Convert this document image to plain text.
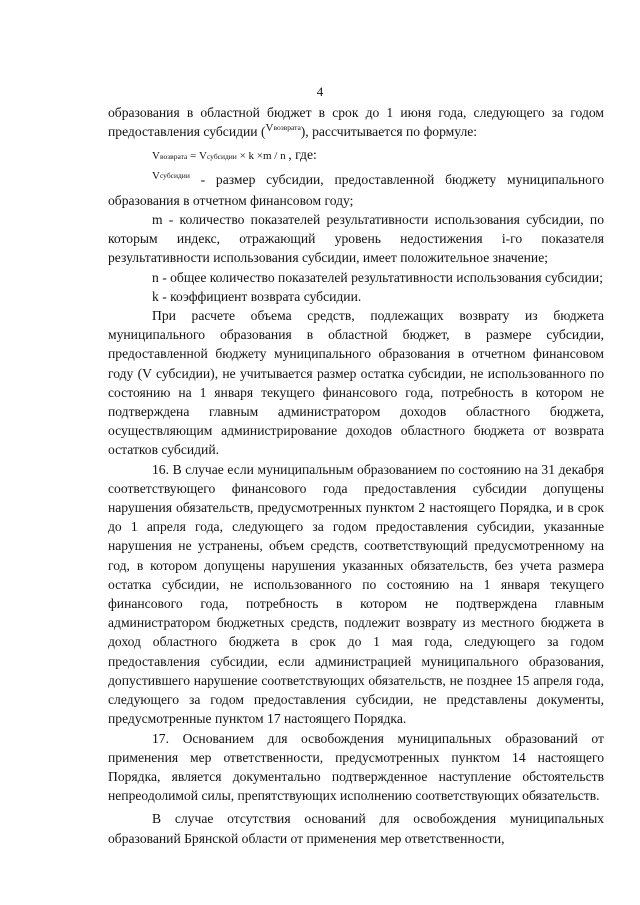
4

образования в областной бюджет в срок до 1 июня года, следующего за годом предоставления субсидии ($^{Vвозврата}$), рассчитывается по формуле:

Vвозврата = Vсубсидии × k ×m / n , где:

$^{Vсубсидии}$ - размер субсидии, предоставленной бюджету муниципального образования в отчетном финансовом году;

m - количество показателей результативности использования субсидии, по которым индекс, отражающий уровень недостижения i-го показателя результативности использования субсидии, имеет положительное значение;

n - общее количество показателей результативности использования субсидии;

k - коэффициент возврата субсидии.

При расчете объема средств, подлежащих возврату из бюджета муниципального образования в областной бюджет, в размере субсидии, предоставленной бюджету муниципального образования в отчетном финансовом году (V субсидии), не учитывается размер остатка субсидии, не использованного по состоянию на 1 января текущего финансового года, потребность в котором не подтверждена главным администратором доходов областного бюджета, осуществляющим администрирование доходов областного бюджета от возврата остатков субсидий.

16. В случае если муниципальным образованием по состоянию на 31 декабря соответствующего финансового года предоставления субсидии допущены нарушения обязательств, предусмотренных пунктом 2 настоящего Порядка, и в срок до 1 апреля года, следующего за годом предоставления субсидии, указанные нарушения не устранены, объем средств, соответствующий предусмотренному на год, в котором допущены нарушения указанных обязательств, без учета размера остатка субсидии, не использованного по состоянию на 1 января текущего финансового года, потребность в котором не подтверждена главным администратором бюджетных средств, подлежит возврату из местного бюджета в доход областного бюджета в срок до 1 мая года, следующего за годом предоставления субсидии, если администрацией муниципального образования, допустившего нарушение соответствующих обязательств, не позднее 15 апреля года, следующего за годом предоставления субсидии, не представлены документы, предусмотренные пунктом 17 настоящего Порядка.

17. Основанием для освобождения муниципальных образований от применения мер ответственности, предусмотренных пунктом 14 настоящего Порядка, является документально подтвержденное наступление обстоятельств непреодолимой силы, препятствующих исполнению соответствующих обязательств.

В случае отсутствия оснований для освобождения муниципальных образований Брянской области от применения мер ответственности,
